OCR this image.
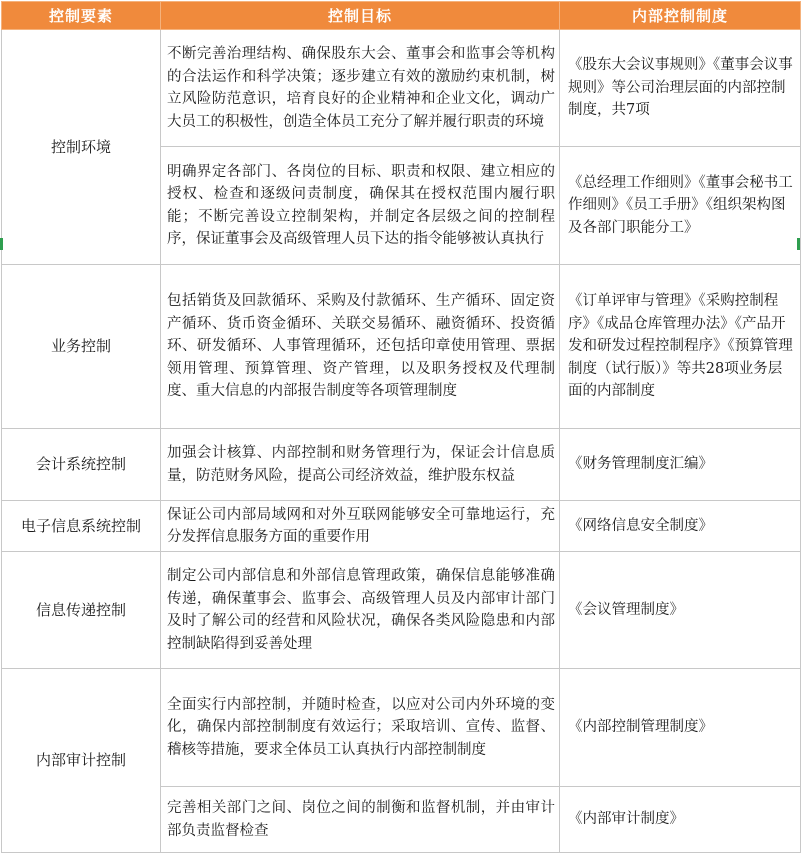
控制要素	控制目标	内部控制制度
控制环境	不断完善治理结构、确保股东大会、董事会和监事会等机构的合法运作和科学决策；逐步建立有效的激励约束机制，树立风险防范意识，培育良好的企业精神和企业文化，调动广大员工的积极性，创造全体员工充分了解并履行职责的环境	《股东大会议事规则》《董事会议事规则》等公司治理层面的内部控制制度，共7项
	明确界定各部门、各岗位的目标、职责和权限、建立相应的授权、检查和逐级问责制度，确保其在授权范围内履行职能；不断完善设立控制架构，并制定各层级之间的控制程序，保证董事会及高级管理人员下达的指令能够被认真执行	《总经理工作细则》《董事会秘书工作细则》《员工手册》《组织架构图及各部门职能分工》
业务控制	包括销货及回款循环、采购及付款循环、生产循环、固定资产循环、货币资金循环、关联交易循环、融资循环、投资循环、研发循环、人事管理循环，还包括印章使用管理、票据领用管理、预算管理、资产管理，以及职务授权及代理制度、重大信息的内部报告制度等各项管理制度	《订单评审与管理》《采购控制程序》《成品仓库管理办法》《产品开发和研发过程控制程序》《预算管理制度（试行版）》等共28项业务层面的内部制度
会计系统控制	加强会计核算、内部控制和财务管理行为，保证会计信息质量，防范财务风险，提高公司经济效益，维护股东权益	《财务管理制度汇编》
电子信息系统控制	保证公司内部局域网和对外互联网能够安全可靠地运行，充分发挥信息服务方面的重要作用	《网络信息安全制度》
信息传递控制	制定公司内部信息和外部信息管理政策，确保信息能够准确传递，确保董事会、监事会、高级管理人员及内部审计部门及时了解公司的经营和风险状况，确保各类风险隐患和内部控制缺陷得到妥善处理	《会议管理制度》
内部审计控制	全面实行内部控制，并随时检查，以应对公司内外环境的变化，确保内部控制制度有效运行；采取培训、宣传、监督、稽核等措施，要求全体员工认真执行内部控制制度	《内部控制管理制度》
	完善相关部门之间、岗位之间的制衡和监督机制，并由审计部负责监督检查	《内部审计制度》
